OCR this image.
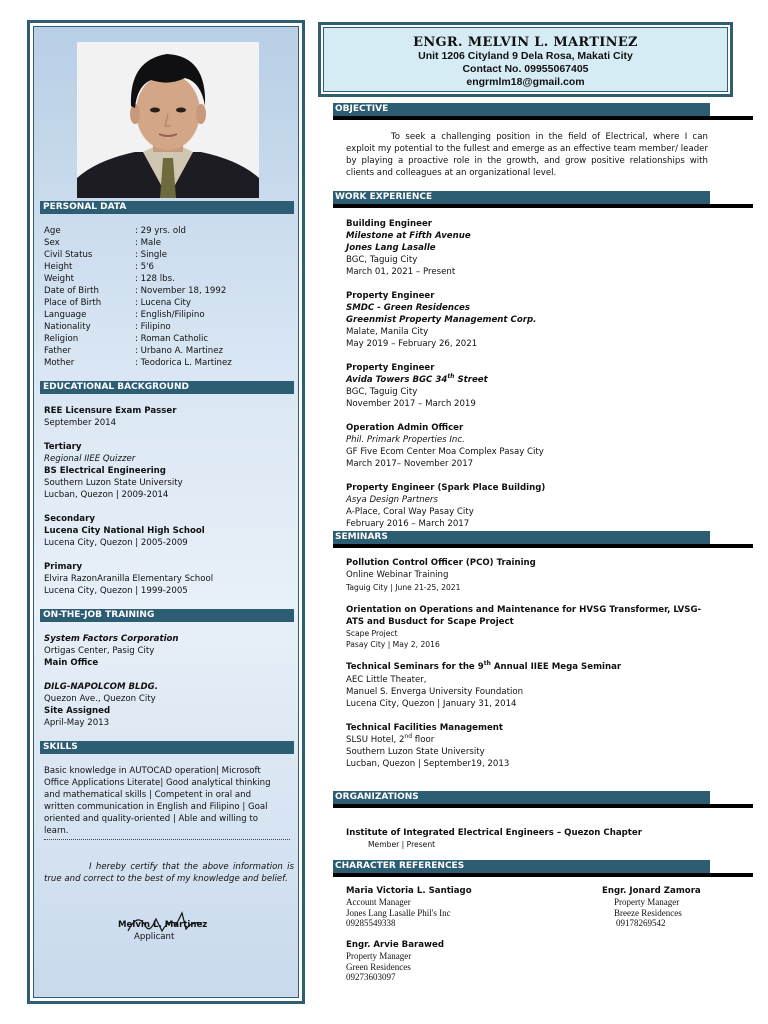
PERSONAL DATA
Age	: 29 yrs. old
Sex	: Male
Civil Status	: Single
Height	: 5'6
Weight	: 128 lbs.
Date of Birth	: November 18, 1992
Place of Birth	: Lucena City
Language	: English/Filipino
Nationality	: Filipino
Religion	: Roman Catholic
Father	: Urbano A. Martinez
Mother	: Teodorica L. Martinez
EDUCATIONAL BACKGROUND
REE Licensure Exam Passer
September 2014
Tertiary
Regional IIEE Quizzer
BS Electrical Engineering
Southern Luzon State University
Lucban, Quezon | 2009-2014
Secondary
Lucena City National High School
Lucena City, Quezon | 2005-2009
Primary
Elvira RazonAranilla Elementary School
Lucena City, Quezon | 1999-2005
ON-THE-JOB TRAINING
System Factors Corporation
Ortigas Center, Pasig City
Main Office
DILG-NAPOLCOM BLDG.
Quezon Ave., Quezon City
Site Assigned
April-May 2013
SKILLS
Basic knowledge in AUTOCAD operation| Microsoft
Office Applications Literate| Good analytical thinking
and mathematical skills | Competent in oral and
written communication in English and Filipino | Goal
oriented and quality-oriented | Able and willing to
learn.
I hereby certify that the above information is true and correct to the best of my knowledge and belief.
Melvin L. Martinez
Applicant
ENGR. MELVIN L. MARTINEZ
Unit 1206 Cityland 9 Dela Rosa, Makati City
Contact No. 09955067405
engrmlm18@gmail.com
OBJECTIVE
To seek a challenging position in the field of Electrical, where I can exploit my potential to the fullest and emerge as an effective team member/ leader by playing a proactive role in the growth, and grow positive relationships with clients and colleagues at an organizational level.
WORK EXPERIENCE
Building Engineer
Milestone at Fifth Avenue
Jones Lang Lasalle
BGC, Taguig City
March 01, 2021 – Present
Property Engineer
SMDC - Green Residences
Greenmist Property Management Corp.
Malate, Manila City
May 2019 – February 26, 2021
Property Engineer
Avida Towers BGC 34th Street
BGC, Taguig City
November 2017 – March 2019
Operation Admin Officer
Phil. Primark Properties Inc.
GF Five Ecom Center Moa Complex Pasay City
March 2017– November 2017
Property Engineer (Spark Place Building)
Asya Design Partners
A-Place, Coral Way Pasay City
February 2016 – March 2017
SEMINARS
Pollution Control Officer (PCO) Training
Online Webinar Training
Taguig City | June 21-25, 2021
Orientation on Operations and Maintenance for HVSG Transformer, LVSG-
ATS and Busduct for Scape Project
Scape Project
Pasay City | May 2, 2016
Technical Seminars for the 9th Annual IIEE Mega Seminar
AEC Little Theater,
Manuel S. Enverga University Foundation
Lucena City, Quezon | January 31, 2014
Technical Facilities Management
SLSU Hotel, 2nd floor
Southern Luzon State University
Lucban, Quezon | September19, 2013
ORGANIZATIONS
Institute of Integrated Electrical Engineers – Quezon Chapter
Member | Present
CHARACTER REFERENCES
Maria Victoria L. Santiago
Account Manager
Jones Lang Lasalle Phil's Inc
09285549338
Engr. Jonard Zamora
Property Manager
Breeze Residences
09178269542
Engr. Arvie Barawed
Property Manager
Green Residences
09273603097
